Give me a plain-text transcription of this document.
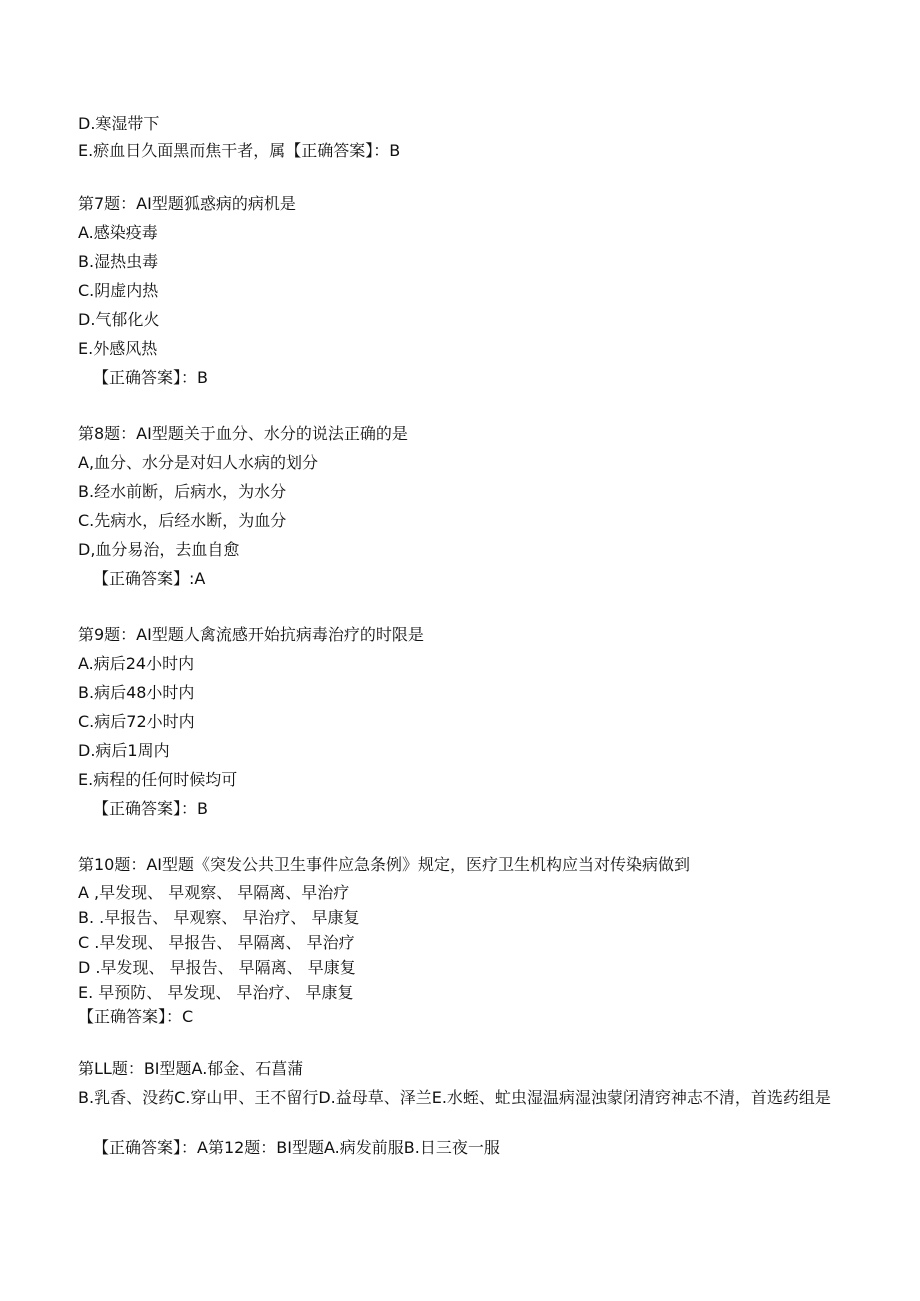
D.寒湿带下
E.瘀血日久面黑而焦干者，属【正确答案】：B
第7题：AI型题狐惑病的病机是
A.感染疫毒
B.湿热虫毒
C.阴虚内热
D.气郁化火
E.外感风热
【正确答案】：B
第8题：AI型题关于血分、水分的说法正确的是
A,血分、水分是对妇人水病的划分
B.经水前断，后病水，为水分
C.先病水，后经水断，为血分
D,血分易治，去血自愈
【正确答案】:A
第9题：AI型题人禽流感开始抗病毒治疗的时限是
A.病后24小时内
B.病后48小时内
C.病后72小时内
D.病后1周内
E.病程的任何时候均可
【正确答案】：B
第10题：AI型题《突发公共卫生事件应急条例》规定，医疗卫生机构应当对传染病做到
A ,早发现、 早观察、 早隔离、早治疗
B. .早报告、 早观察、 早治疗、 早康复
C .早发现、 早报告、 早隔离、 早治疗
D .早发现、 早报告、 早隔离、 早康复
E. 早预防、 早发现、 早治疗、 早康复
【正确答案】：C
第LL题：BI型题A.郁金、石菖蒲
B.乳香、没药C.穿山甲、王不留行D.益母草、泽兰E.水蛭、虻虫湿温病湿浊蒙闭清窍神志不清，首选药组是
【正确答案】：A第12题：BI型题A.病发前服B.日三夜一服
